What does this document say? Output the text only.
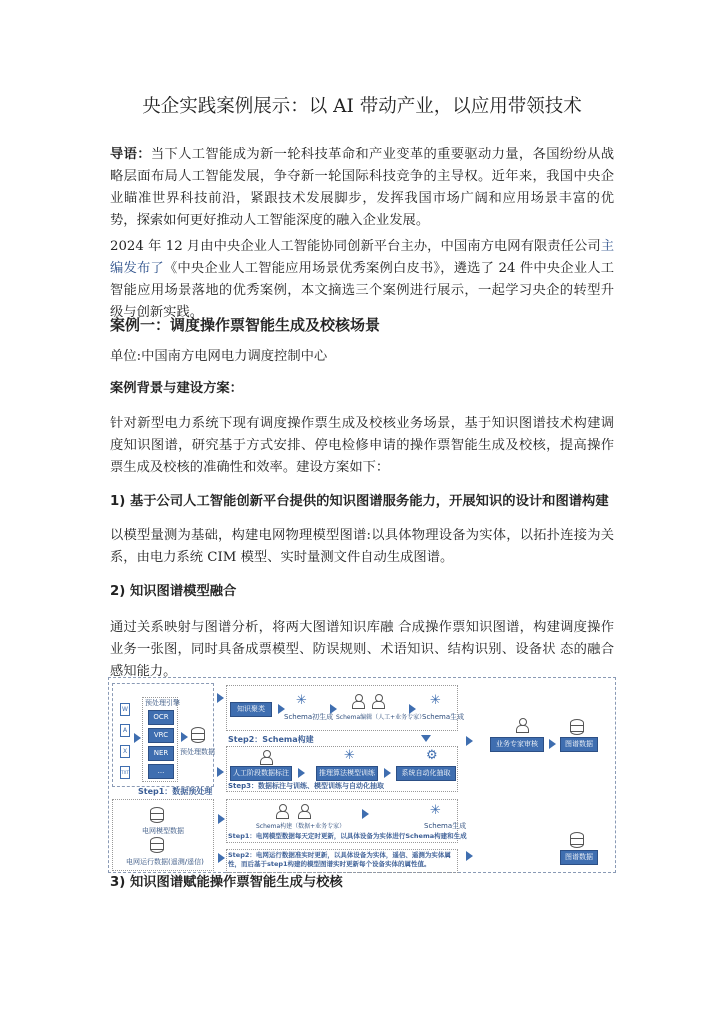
央企实践案例展示：以 AI 带动产业，以应用带领技术
导语：当下人工智能成为新一轮科技革命和产业变革的重要驱动力量，各国纷纷从战略层面布局人工智能发展，争夺新一轮国际科技竞争的主导权。近年来，我国中央企业瞄准世界科技前沿，紧跟技术发展脚步，发挥我国市场广阔和应用场景丰富的优势，探索如何更好推动人工智能深度的融入企业发展。
2024 年 12 月由中央企业人工智能协同创新平台主办，中国南方电网有限责任公司主编发布了《中央企业人工智能应用场景优秀案例白皮书》，遴选了 24 件中央企业人工智能应用场景落地的优秀案例，本文摘选三个案例进行展示，一起学习央企的转型升级与创新实践。
案例一：调度操作票智能生成及校核场景
单位:中国南方电网电力调度控制中心
案例背景与建设方案：
针对新型电力系统下现有调度操作票生成及校核业务场景，基于知识图谱技术构建调度知识图谱，研究基于方式安排、停电检修申请的操作票智能生成及校核，提高操作票生成及校核的准确性和效率。建设方案如下：
1) 基于公司人工智能创新平台提供的知识图谱服务能力，开展知识的设计和图谱构建
以模型量测为基础，构建电网物理模型图谱:以具体物理设备为实体，以拓扑连接为关系，由电力系统 CIM 模型、实时量测文件自动生成图谱。
2) 知识图谱模型融合
通过关系映射与图谱分析，将两大图谱知识库融 合成操作票知识图谱，构建调度操作业务一张图，同时具备成票模型、防误规则、术语知识、结构识别、设备状 态的融合感知能力。
W
A
X
TXT
预处理引擎
OCR
VRC
NER
...
预处理数据
Step1：数据预处理
知识聚类
✳
Schema初生成 Schema编辑（人工+业务专家）
✳
Schema生成
Step2：Schema构建
人工阶段数据标注
✳
推理算法模型训练
⚙
系统自动化抽取
Step3：数据标注与训练、模型训练与自动化抽取
业务专家审核	图谱数据
电网模型数据
电网运行数据(遥测/遥信)
Schema构建（数据+业务专家）
✳
Schema生成
Step1：电网模型数据每天定时更新，以具体设备为实体进行Schema构建和生成
Step2：电网运行数据准实时更新，以具体设备为实体，遥信、遥测为实体属性，而后基于step1构建的模型图谱实时更新每个设备实体的属性值。
图谱数据
3) 知识图谱赋能操作票智能生成与校核
